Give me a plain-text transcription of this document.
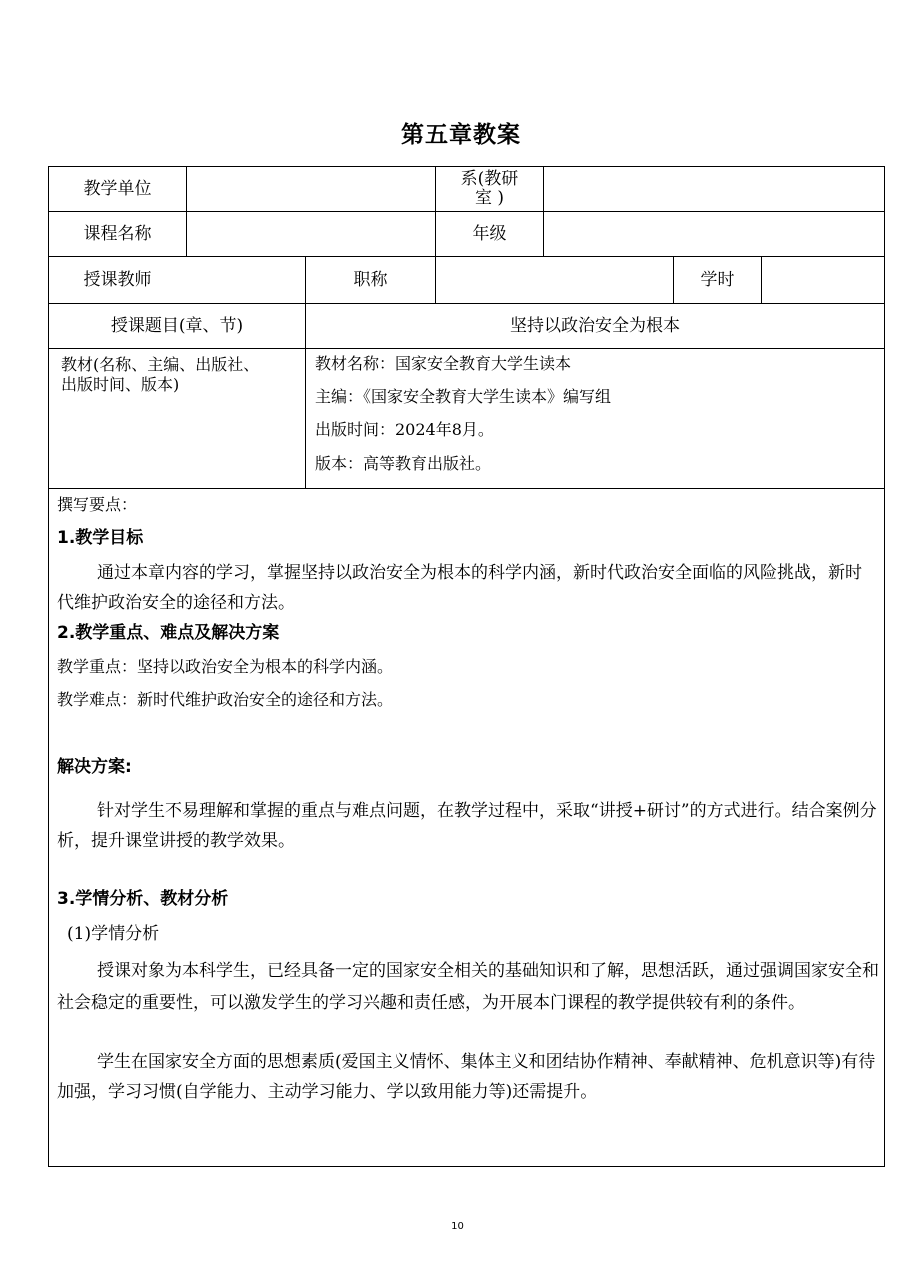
第五章教案
教学单位	系(教研
室 )
课程名称	年级
授课教师	职称	学时
授课题目(章、节)	坚持以政治安全为根本
教材(名称、主编、出版社、
出版时间、版本)
教材名称：国家安全教育大学生读本
主编：《国家安全教育大学生读本》编写组
出版时间：2024年8月。
版本：高等教育出版社。
撰写要点：
1.教学目标
通过本章内容的学习，掌握坚持以政治安全为根本的科学内涵，新时代政治安全面临的风险挑战，新时代维护政治安全的途径和方法。
2.教学重点、难点及解决方案
教学重点：坚持以政治安全为根本的科学内涵。
教学难点：新时代维护政治安全的途径和方法。
解决方案:
针对学生不易理解和掌握的重点与难点问题，在教学过程中，采取“讲授+研讨”的方式进行。结合案例分析，提升课堂讲授的教学效果。
3.学情分析、教材分析
(1)学情分析
授课对象为本科学生，已经具备一定的国家安全相关的基础知识和了解，思想活跃，通过强调国家安全和社会稳定的重要性，可以激发学生的学习兴趣和责任感，为开展本门课程的教学提供较有利的条件。
学生在国家安全方面的思想素质(爱国主义情怀、集体主义和团结协作精神、奉献精神、危机意识等)有待加强，学习习惯(自学能力、主动学习能力、学以致用能力等)还需提升。
10
